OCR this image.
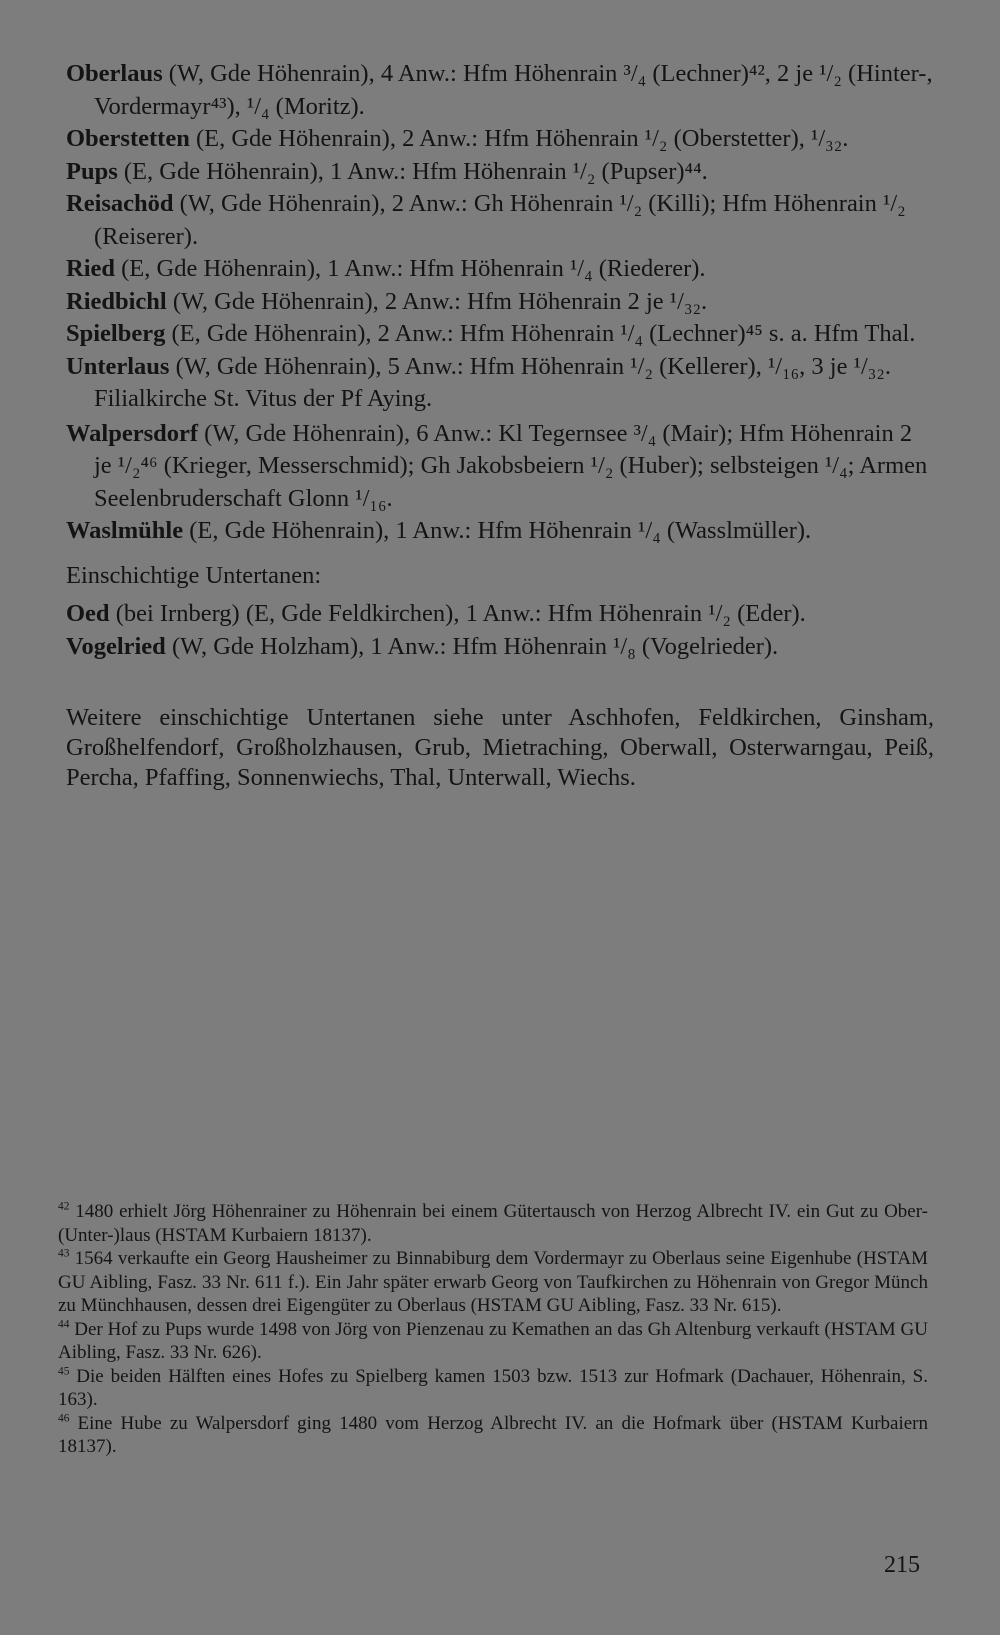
Oberlaus (W, Gde Höhenrain), 4 Anw.: Hfm Höhenrain ³/₄ (Lechner)⁴², 2 je ¹/₂ (Hinter-, Vordermayr⁴³), ¹/₄ (Moritz).

Oberstetten (E, Gde Höhenrain), 2 Anw.: Hfm Höhenrain ¹/₂ (Oberstetter), ¹/₃₂.

Pups (E, Gde Höhenrain), 1 Anw.: Hfm Höhenrain ¹/₂ (Pupser)⁴⁴.

Reisachöd (W, Gde Höhenrain), 2 Anw.: Gh Höhenrain ¹/₂ (Killi); Hfm Höhenrain ¹/₂ (Reiserer).

Ried (E, Gde Höhenrain), 1 Anw.: Hfm Höhenrain ¹/₄ (Riederer).

Riedbichl (W, Gde Höhenrain), 2 Anw.: Hfm Höhenrain 2 je ¹/₃₂.

Spielberg (E, Gde Höhenrain), 2 Anw.: Hfm Höhenrain ¹/₄ (Lechner)⁴⁵ s. a. Hfm Thal.

Unterlaus (W, Gde Höhenrain), 5 Anw.: Hfm Höhenrain ¹/₂ (Kellerer), ¹/₁₆, 3 je ¹/₃₂.

Filialkirche St. Vitus der Pf Aying.

Walpersdorf (W, Gde Höhenrain), 6 Anw.: Kl Tegernsee ³/₄ (Mair); Hfm Höhenrain 2 je ¹/₂⁴⁶ (Krieger, Messerschmid); Gh Jakobsbeiern ¹/₂ (Huber); selbsteigen ¹/₄; Armen Seelenbruderschaft Glonn ¹/₁₆.

Waslmühle (E, Gde Höhenrain), 1 Anw.: Hfm Höhenrain ¹/₄ (Wasslmüller).

Einschichtige Untertanen:

Oed (bei Irnberg) (E, Gde Feldkirchen), 1 Anw.: Hfm Höhenrain ¹/₂ (Eder).

Vogelried (W, Gde Holzham), 1 Anw.: Hfm Höhenrain ¹/₈ (Vogelrieder).

Weitere einschichtige Untertanen siehe unter Aschhofen, Feldkirchen, Ginsham, Großhelfendorf, Großholzhausen, Grub, Mietraching, Oberwall, Osterwarngau, Peiß, Percha, Pfaffing, Sonnenwiechs, Thal, Unterwall, Wiechs.

$^{42}$ 1480 erhielt Jörg Höhenrainer zu Höhenrain bei einem Gütertausch von Herzog Albrecht IV. ein Gut zu Ober- (Unter-)laus (HSTAM Kurbaiern 18137).

$^{43}$ 1564 verkaufte ein Georg Hausheimer zu Binnabiburg dem Vordermayr zu Oberlaus seine Eigenhube (HSTAM GU Aibling, Fasz. 33 Nr. 611 f.). Ein Jahr später erwarb Georg von Taufkirchen zu Höhenrain von Gregor Münch zu Münchhausen, dessen drei Eigengüter zu Oberlaus (HSTAM GU Aibling, Fasz. 33 Nr. 615).

$^{44}$ Der Hof zu Pups wurde 1498 von Jörg von Pienzenau zu Kemathen an das Gh Altenburg verkauft (HSTAM GU Aibling, Fasz. 33 Nr. 626).

$^{45}$ Die beiden Hälften eines Hofes zu Spielberg kamen 1503 bzw. 1513 zur Hofmark (Dachauer, Höhenrain, S. 163).

$^{46}$ Eine Hube zu Walpersdorf ging 1480 vom Herzog Albrecht IV. an die Hofmark über (HSTAM Kurbaiern 18137).

215
